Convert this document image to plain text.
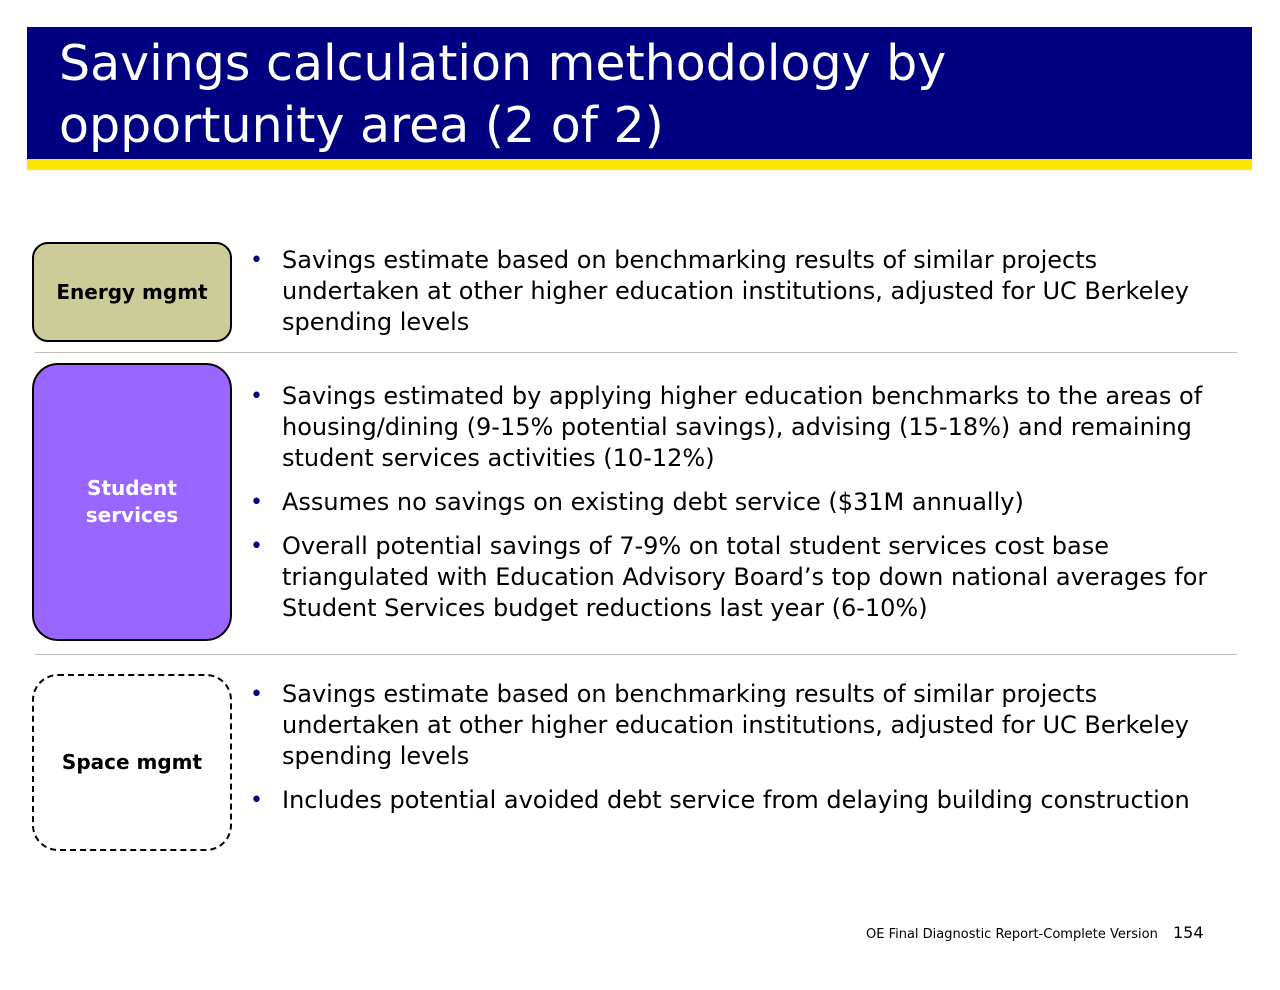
Savings calculation methodology by opportunity area (2 of 2)
Energy mgmt
• Savings estimate based on benchmarking results of similar projects undertaken at other higher education institutions, adjusted for UC Berkeley spending levels
Student services
• Savings estimated by applying higher education benchmarks to the areas of housing/dining (9-15% potential savings), advising (15-18%) and remaining student services activities (10-12%)
• Assumes no savings on existing debt service ($31M annually)
• Overall potential savings of 7-9% on total student services cost base triangulated with Education Advisory Board’s top down national averages for Student Services budget reductions last year (6-10%)
Space mgmt
• Savings estimate based on benchmarking results of similar projects undertaken at other higher education institutions, adjusted for UC Berkeley spending levels
• Includes potential avoided debt service from delaying building construction
OE Final Diagnostic Report-Complete Version 154
